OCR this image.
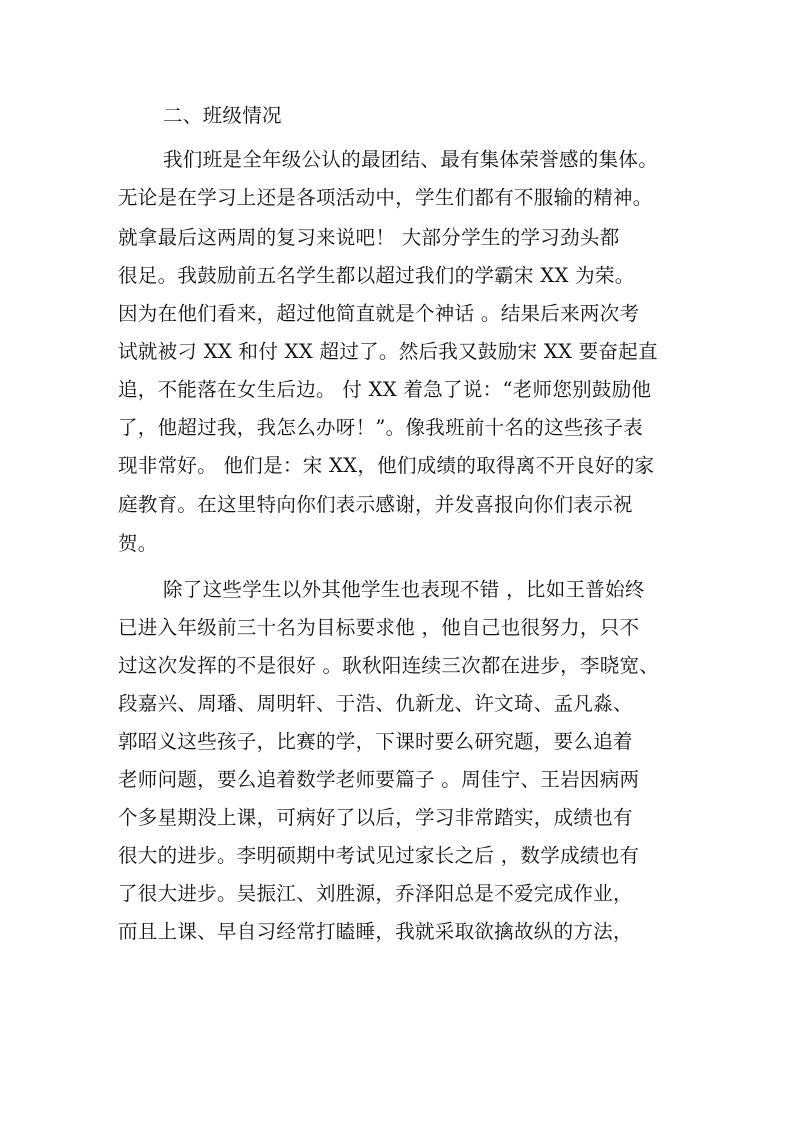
二、班级情况
我们班是全年级公认的最团结、最有集体荣誉感的集体。
无论是在学习上还是各项活动中，学生们都有不服输的精神。
就拿最后这两周的复习来说吧！ 大部分学生的学习劲头都
很足。我鼓励前五名学生都以超过我们的学霸宋 XX 为荣。
因为在他们看来，超过他简直就是个神话 。结果后来两次考
试就被刁 XX 和付 XX 超过了。然后我又鼓励宋 XX 要奋起直
追，不能落在女生后边。 付 XX 着急了说：“老师您别鼓励他
了，他超过我，我怎么办呀！”。像我班前十名的这些孩子表
现非常好。 他们是：宋 XX，他们成绩的取得离不开良好的家
庭教育。在这里特向你们表示感谢，并发喜报向你们表示祝
贺。
除了这些学生以外其他学生也表现不错 ，比如王普始终
已进入年级前三十名为目标要求他 ，他自己也很努力，只不
过这次发挥的不是很好 。耿秋阳连续三次都在进步，李晓宽、
段嘉兴、周璠、周明轩、于浩、仇新龙、许文琦、孟凡淼、
郭昭义这些孩子，比赛的学，下课时要么研究题，要么追着
老师问题，要么追着数学老师要篇子 。周佳宁、王岩因病两
个多星期没上课，可病好了以后，学习非常踏实，成绩也有
很大的进步。李明硕期中考试见过家长之后 ，数学成绩也有
了很大进步。吴振江、刘胜源，乔泽阳总是不爱完成作业，
而且上课、早自习经常打瞌睡，我就采取欲擒故纵的方法，
